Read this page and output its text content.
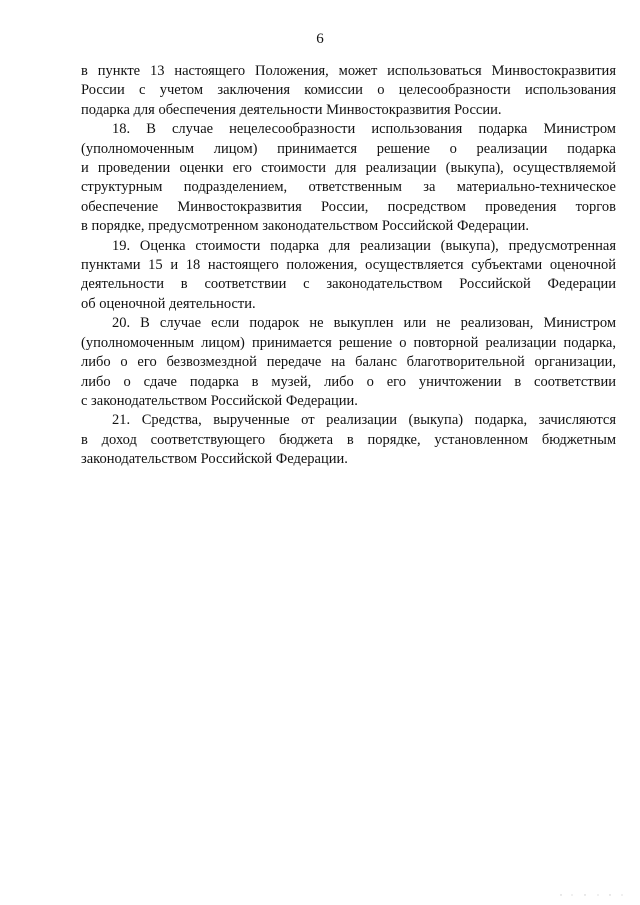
6

в пункте 13 настоящего Положения, может использоваться Минвостокразвития
России с учетом заключения комиссии о целесообразности использования
подарка для обеспечения деятельности Минвостокразвития России.

18. В случае нецелесообразности использования подарка Министром
(уполномоченным лицом) принимается решение о реализации подарка
и проведении оценки его стоимости для реализации (выкупа), осуществляемой
структурным подразделением, ответственным за материально-техническое
обеспечение Минвостокразвития России, посредством проведения торгов
в порядке, предусмотренном законодательством Российской Федерации.

19. Оценка стоимости подарка для реализации (выкупа), предусмотренная
пунктами 15 и 18 настоящего положения, осуществляется субъектами оценочной
деятельности в соответствии с законодательством Российской Федерации
об оценочной деятельности.

20. В случае если подарок не выкуплен или не реализован, Министром
(уполномоченным лицом) принимается решение о повторной реализации подарка,
либо о его безвозмездной передаче на баланс благотворительной организации,
либо о сдаче подарка в музей, либо о его уничтожении в соответствии
с законодательством Российской Федерации.

21. Средства, вырученные от реализации (выкупа) подарка, зачисляются
в доход соответствующего бюджета в порядке, установленном бюджетным
законодательством Российской Федерации.
